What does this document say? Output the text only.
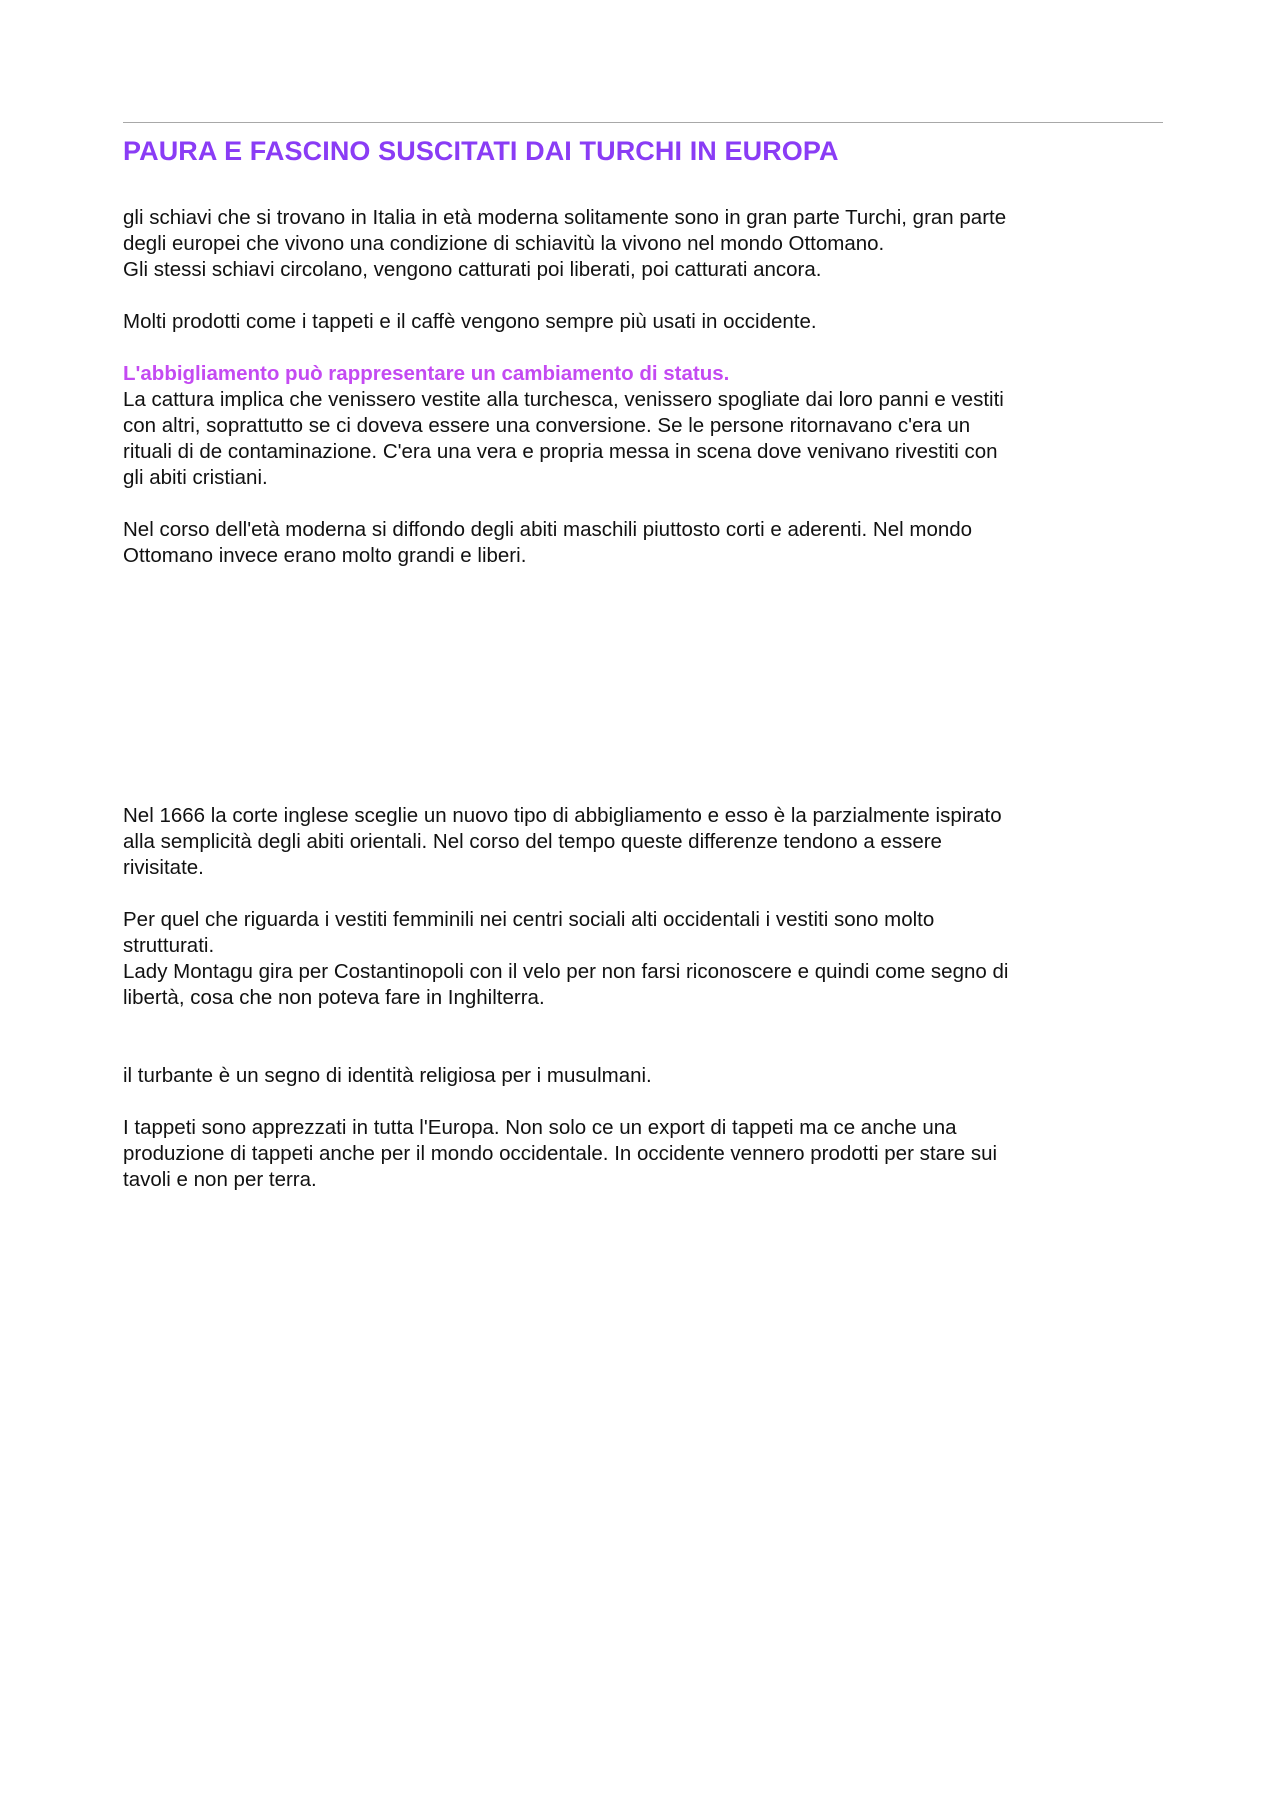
PAURA E FASCINO SUSCITATI DAI TURCHI IN EUROPA

gli schiavi che si trovano in Italia in età moderna solitamente sono in gran parte Turchi, gran parte
degli europei che vivono una condizione di schiavitù la vivono nel mondo Ottomano.
Gli stessi schiavi circolano, vengono catturati poi liberati, poi catturati ancora.

Molti prodotti come i tappeti e il caffè vengono sempre più usati in occidente.

L'abbigliamento può rappresentare un cambiamento di status.
La cattura implica che venissero vestite alla turchesca, venissero spogliate dai loro panni e vestiti
con altri, soprattutto se ci doveva essere una conversione. Se le persone ritornavano c'era un
rituali di de contaminazione. C'era una vera e propria messa in scena dove venivano rivestiti con
gli abiti cristiani.

Nel corso dell'età moderna si diffondo degli abiti maschili piuttosto corti e aderenti. Nel mondo
Ottomano invece erano molto grandi e liberi.

Nel 1666 la corte inglese sceglie un nuovo tipo di abbigliamento e esso è la parzialmente ispirato
alla semplicità degli abiti orientali. Nel corso del tempo queste differenze tendono a essere
rivisitate.

Per quel che riguarda i vestiti femminili nei centri sociali alti occidentali i vestiti sono molto
strutturati.
Lady Montagu gira per Costantinopoli con il velo per non farsi riconoscere e quindi come segno di
libertà, cosa che non poteva fare in Inghilterra.

il turbante è un segno di identità religiosa per i musulmani.

I tappeti sono apprezzati in tutta l'Europa. Non solo ce un export di tappeti ma ce anche una
produzione di tappeti anche per il mondo occidentale. In occidente vennero prodotti per stare sui
tavoli e non per terra.
